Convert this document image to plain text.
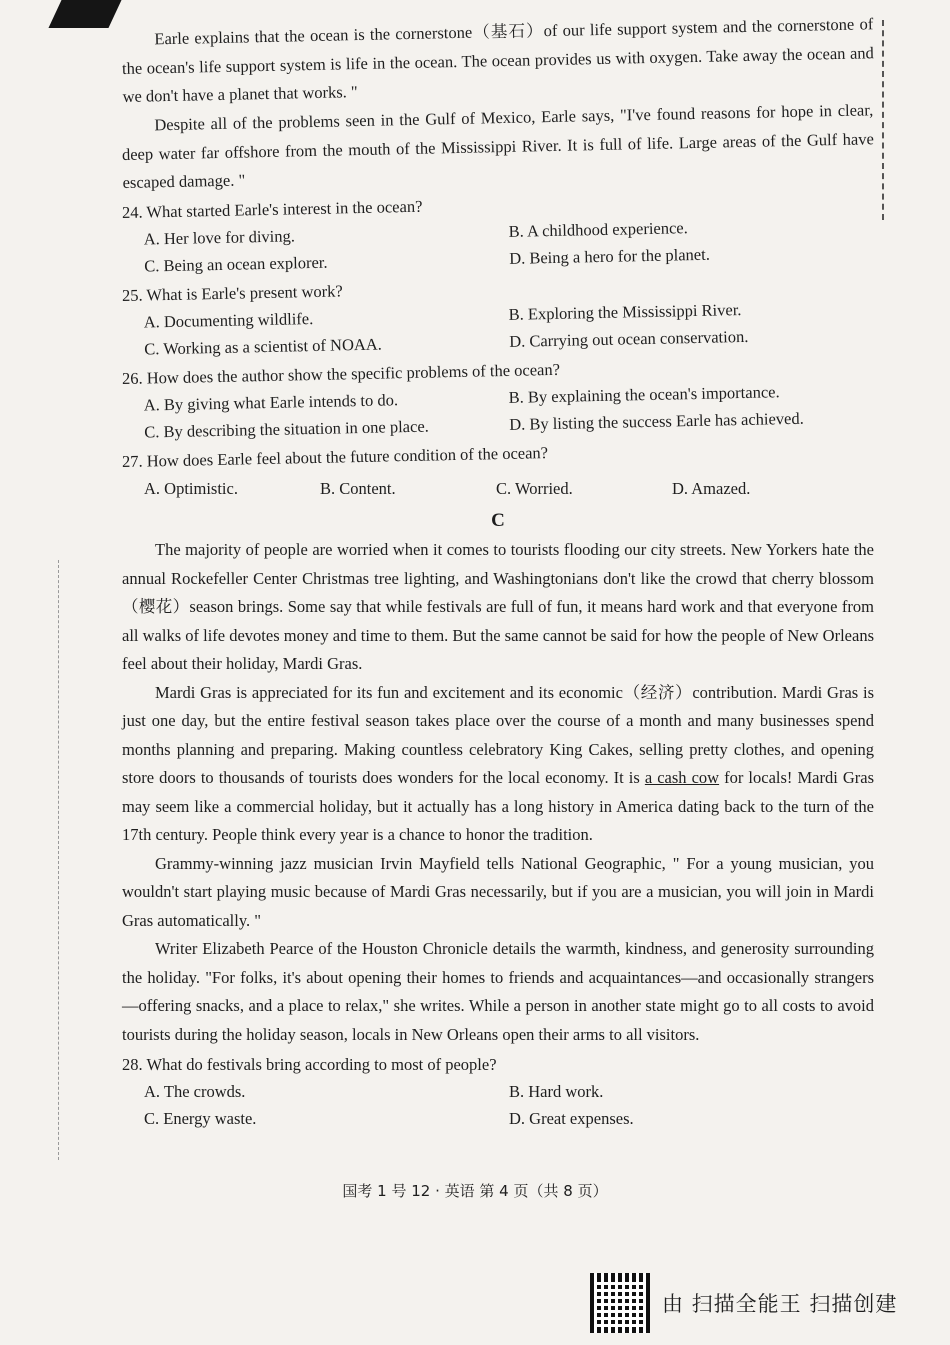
Earle explains that the ocean is the cornerstone（基石）of our life support system and the cornerstone of the ocean's life support system is life in the ocean. The ocean provides us with oxygen. Take away the ocean and we don't have a planet that works. "

Despite all of the problems seen in the Gulf of Mexico, Earle says, "I've found reasons for hope in clear, deep water far offshore from the mouth of the Mississippi River. It is full of life. Large areas of the Gulf have escaped damage. "

24. What started Earle's interest in the ocean?

A. Her love for diving.	B. A childhood experience.
C. Being an ocean explorer.	D. Being a hero for the planet.

25. What is Earle's present work?

A. Documenting wildlife.	B. Exploring the Mississippi River.
C. Working as a scientist of NOAA.	D. Carrying out ocean conservation.

26. How does the author show the specific problems of the ocean?

A. By giving what Earle intends to do.	B. By explaining the ocean's importance.
C. By describing the situation in one place.	D. By listing the success Earle has achieved.

27. How does Earle feel about the future condition of the ocean?

A. Optimistic.	B. Content.	C. Worried.	D. Amazed.
C

The majority of people are worried when it comes to tourists flooding our city streets. New Yorkers hate the annual Rockefeller Center Christmas tree lighting, and Washingtonians don't like the crowd that cherry blossom（樱花）season brings. Some say that while festivals are full of fun, it means hard work and that everyone from all walks of life devotes money and time to them. But the same cannot be said for how the people of New Orleans feel about their holiday, Mardi Gras.

Mardi Gras is appreciated for its fun and excitement and its economic（经济）contribution. Mardi Gras is just one day, but the entire festival season takes place over the course of a month and many businesses spend months planning and preparing. Making countless celebratory King Cakes, selling pretty clothes, and opening store doors to thousands of tourists does wonders for the local economy. It is a cash cow for locals! Mardi Gras may seem like a commercial holiday, but it actually has a long history in America dating back to the turn of the 17th century. People think every year is a chance to honor the tradition.

Grammy-winning jazz musician Irvin Mayfield tells National Geographic, " For a young musician, you wouldn't start playing music because of Mardi Gras necessarily, but if you are a musician, you will join in Mardi Gras automatically. "

Writer Elizabeth Pearce of the Houston Chronicle details the warmth, kindness, and generosity surrounding the holiday. "For folks, it's about opening their homes to friends and acquaintances—and occasionally strangers—offering snacks, and a place to relax," she writes. While a person in another state might go to all costs to avoid tourists during the holiday season, locals in New Orleans open their arms to all visitors.

28. What do festivals bring according to most of people?

A. The crowds.	B. Hard work.
C. Energy waste.	D. Great expenses.
国考 1 号 12 · 英语 第 4 页（共 8 页）
由 扫描全能王 扫描创建
